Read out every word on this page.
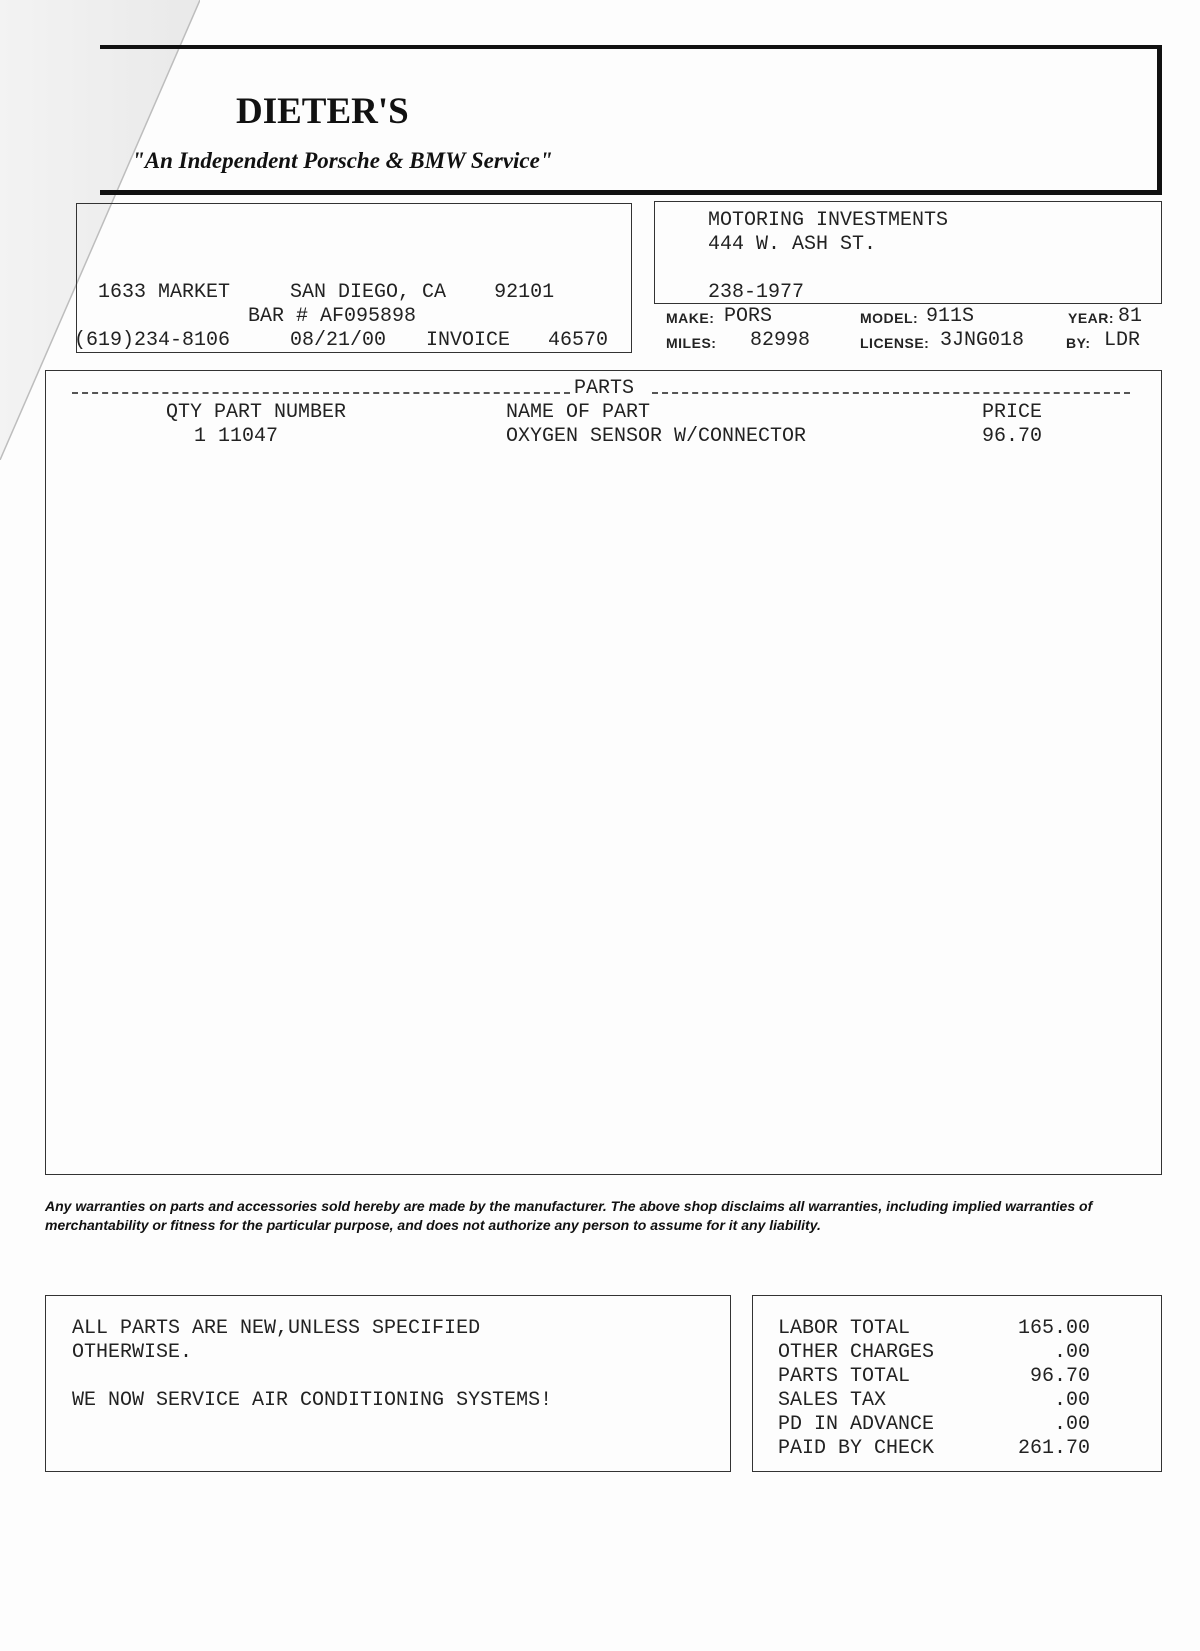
DIETER'S
"An Independent Porsche & BMW Service"
1633 MARKET     SAN DIEGO, CA    92101
BAR # AF095898
(619)234-8106	08/21/00 INVOICE 46570
MOTORING INVESTMENTS
444 W. ASH ST.
238-1977
MAKE: PORS	MODEL: 911S	YEAR: 81
MILES: 82998	LICENSE: 3JNG018	BY: LDR
PARTS
QTY PART NUMBER	NAME OF PART	PRICE
1 11047	OXYGEN SENSOR W/CONNECTOR	96.70
Any warranties on parts and accessories sold hereby are made by the manufacturer. The above shop disclaims all warranties, including implied warranties of merchantability or fitness for the particular purpose, and does not authorize any person to assume for it any liability.
ALL PARTS ARE NEW,UNLESS SPECIFIED
OTHERWISE.
WE NOW SERVICE AIR CONDITIONING SYSTEMS!
LABOR TOTAL	165.00
OTHER CHARGES	.00
PARTS TOTAL	96.70
SALES TAX	.00
PD IN ADVANCE	.00
PAID BY CHECK	261.70
